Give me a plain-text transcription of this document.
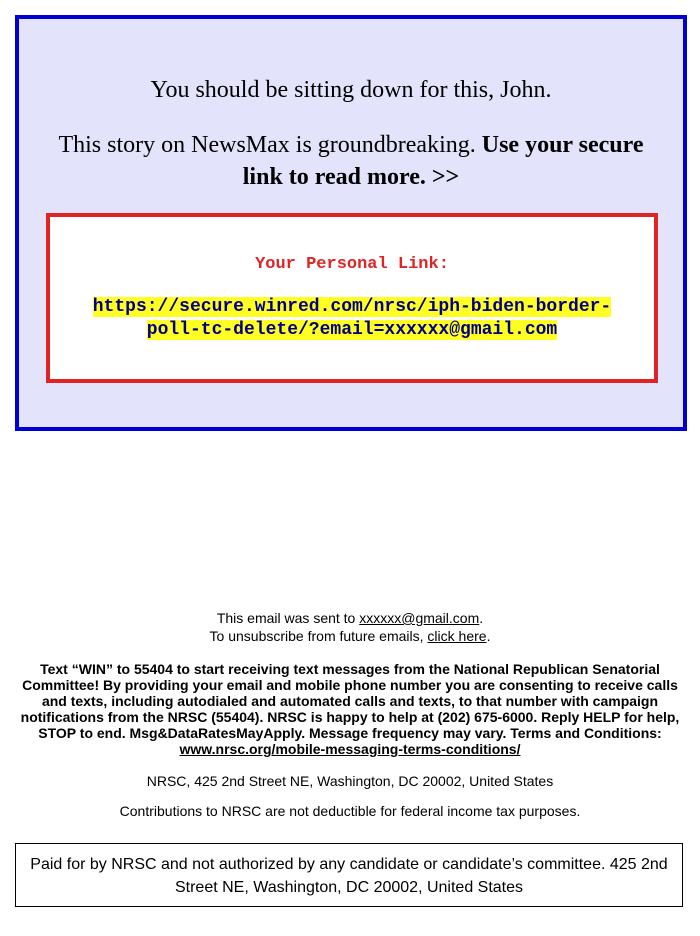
You should be sitting down for this, John.
This story on NewsMax is groundbreaking. Use your secure link to read more. >>
Your Personal Link:
https://secure.winred.com/nrsc/iph-biden-border-poll-tc-delete/?email=xxxxxx@gmail.com
This email was sent to xxxxxx@gmail.com.
To unsubscribe from future emails, click here.
Text “WIN” to 55404 to start receiving text messages from the National Republican Senatorial Committee! By providing your email and mobile phone number you are consenting to receive calls and texts, including autodialed and automated calls and texts, to that number with campaign notifications from the NRSC (55404). NRSC is happy to help at (202) 675-6000. Reply HELP for help, STOP to end. Msg&DataRatesMayApply. Message frequency may vary. Terms and Conditions: www.nrsc.org/mobile-messaging-terms-conditions/
NRSC, 425 2nd Street NE, Washington, DC 20002, United States
Contributions to NRSC are not deductible for federal income tax purposes.
Paid for by NRSC and not authorized by any candidate or candidate’s committee. 425 2nd Street NE, Washington, DC 20002, United States
